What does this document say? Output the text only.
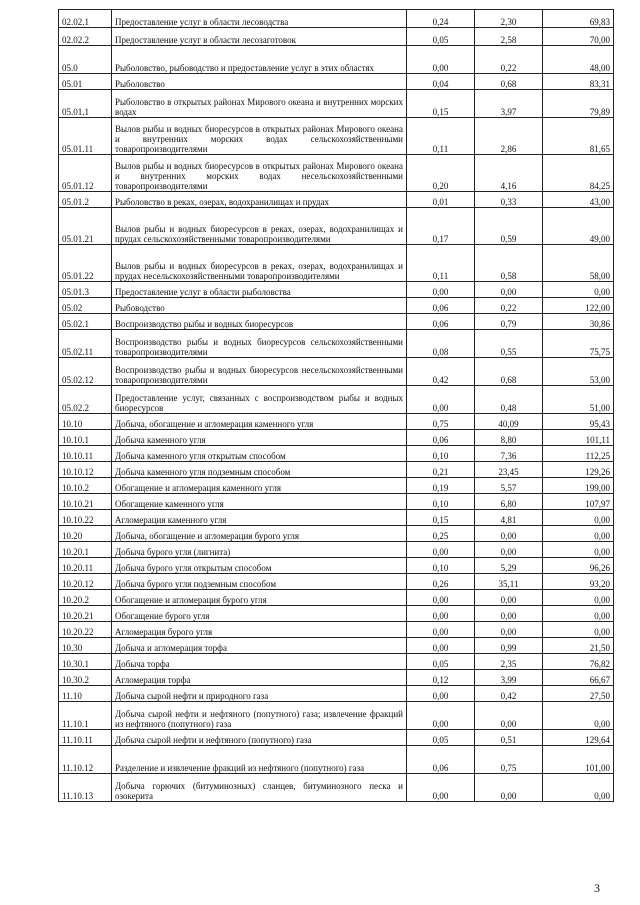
02.02.1	Предоставление услуг в области лесоводства	0,24	2,30	69,83
02.02.2	Предоставление услуг в области лесозаготовок	0,05	2,58	70,00
05.0	Рыболовство, рыбоводство и предоставление услуг в этих областях	0,00	0,22	48,00
05.01	Рыболовство	0,04	0,68	83,31
05.01.1	Рыболовство в открытых районах Мирового океана и внутренних морских водах	0,15	3,97	79,89
05.01.11	Вылов рыбы и водных биоресурсов в открытых районах Мирового океана и внутренних морских водах сельскохозяйственными товаропроизводителями	0,11	2,86	81,65
05.01.12	Вылов рыбы и водных биоресурсов в открытых районах Мирового океана и внутренних морских водах несельскохозяйственными товаропроизводителями	0,20	4,16	84,25
05.01.2	Рыболовство в реках, озерах, водохранилищах и прудах	0,01	0,33	43,00
05.01.21	Вылов рыбы и водных биоресурсов в реках, озерах, водохранилищах и прудах сельскохозяйственными товаропроизводителями	0,17	0,59	49,00
05.01.22	Вылов рыбы и водных биоресурсов в реках, озерах, водохранилищах и прудах несельскохозяйственными товаропроизводителями	0,11	0,58	58,00
05.01.3	Предоставление услуг в области рыболовства	0,00	0,00	0,00
05.02	Рыбоводство	0,06	0,22	122,00
05.02.1	Воспроизводство рыбы и водных биоресурсов	0,06	0,79	30,86
05.02.11	Воспроизводство рыбы и водных биоресурсов сельскохозяйственными товаропроизводителями	0,08	0,55	75,75
05.02.12	Воспроизводство рыбы и водных биоресурсов несельскохозяйственными товаропроизводителями	0,42	0,68	53,00
05.02.2	Предоставление услуг, связанных с воспроизводством рыбы и водных биоресурсов	0,00	0,48	51,00
10.10	Добыча, обогащение и агломерация каменного угля	0,75	40,09	95,43
10.10.1	Добыча каменного угля	0,06	8,80	101,11
10.10.11	Добыча каменного угля открытым способом	0,10	7,36	112,25
10.10.12	Добыча каменного угля подземным способом	0,21	23,45	129,26
10.10.2	Обогащение и агломерация каменного угля	0,19	5,57	199,00
10.10.21	Обогащение каменного угля	0,10	6,80	107,97
10.10.22	Агломерация каменного угля	0,15	4,81	0,00
10.20	Добыча, обогащение и агломерация бурого угля	0,25	0,00	0,00
10.20.1	Добыча бурого угля (лигнита)	0,00	0,00	0,00
10.20.11	Добыча бурого угля открытым способом	0,10	5,29	96,26
10.20.12	Добыча бурого угля подземным способом	0,26	35,11	93,20
10.20.2	Обогащение и агломерация бурого угля	0,00	0,00	0,00
10.20.21	Обогащение бурого угля	0,00	0,00	0,00
10.20.22	Агломерация бурого угля	0,00	0,00	0,00
10.30	Добыча и агломерация торфа	0,00	0,99	21,50
10.30.1	Добыча торфа	0,05	2,35	76,82
10.30.2	Агломерация торфа	0,12	3,99	66,67
11.10	Добыча сырой нефти и природного газа	0,00	0,42	27,50
11.10.1	Добыча сырой нефти и нефтяного (попутного) газа; извлечение фракций из нефтяного (попутного) газа	0,00	0,00	0,00
11.10.11	Добыча сырой нефти и нефтяного (попутного) газа	0,05	0,51	129,64
11.10.12	Разделение и извлечение фракций из нефтяного (попутного) газа	0,06	0,75	101,00
11.10.13	Добыча горючих (битуминозных) сланцев, битуминозного песка и озокерита	0,00	0,00	0,00
3
